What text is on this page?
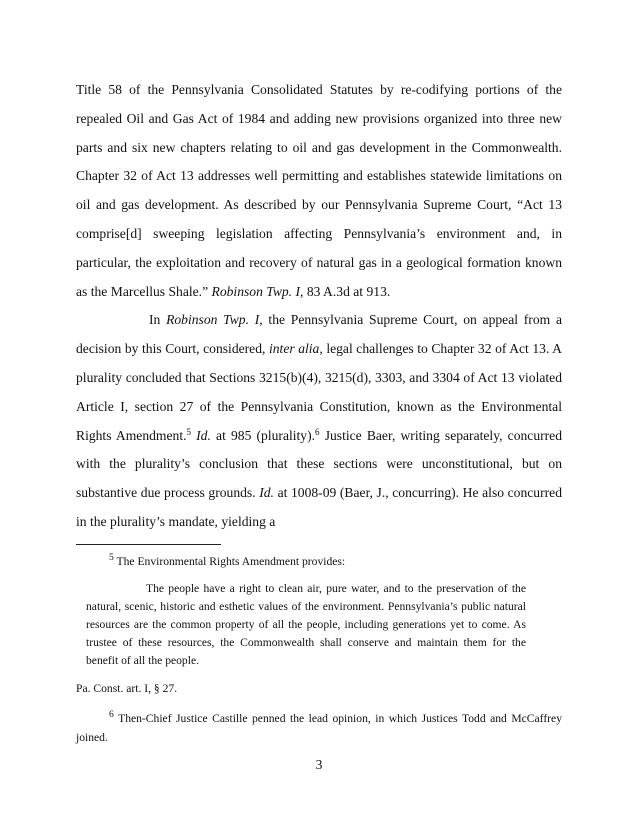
Title 58 of the Pennsylvania Consolidated Statutes by re-codifying portions of the repealed Oil and Gas Act of 1984 and adding new provisions organized into three new parts and six new chapters relating to oil and gas development in the Commonwealth. Chapter 32 of Act 13 addresses well permitting and establishes statewide limitations on oil and gas development. As described by our Pennsylvania Supreme Court, “Act 13 comprise[d] sweeping legislation affecting Pennsylvania’s environment and, in particular, the exploitation and recovery of natural gas in a geological formation known as the Marcellus Shale.” Robinson Twp. I, 83 A.3d at 913.

In Robinson Twp. I, the Pennsylvania Supreme Court, on appeal from a decision by this Court, considered, inter alia, legal challenges to Chapter 32 of Act 13. A plurality concluded that Sections 3215(b)(4), 3215(d), 3303, and 3304 of Act 13 violated Article I, section 27 of the Pennsylvania Constitution, known as the Environmental Rights Amendment.$^5$ Id. at 985 (plurality).$^6$ Justice Baer, writing separately, concurred with the plurality’s conclusion that these sections were unconstitutional, but on substantive due process grounds. Id. at 1008-09 (Baer, J., concurring). He also concurred in the plurality’s mandate, yielding a

$^5$ The Environmental Rights Amendment provides:

The people have a right to clean air, pure water, and to the preservation of the natural, scenic, historic and esthetic values of the environment. Pennsylvania’s public natural resources are the common property of all the people, including generations yet to come. As trustee of these resources, the Commonwealth shall conserve and maintain them for the benefit of all the people.

Pa. Const. art. I, § 27.

$^6$ Then-Chief Justice Castille penned the lead opinion, in which Justices Todd and McCaffrey joined.

3
